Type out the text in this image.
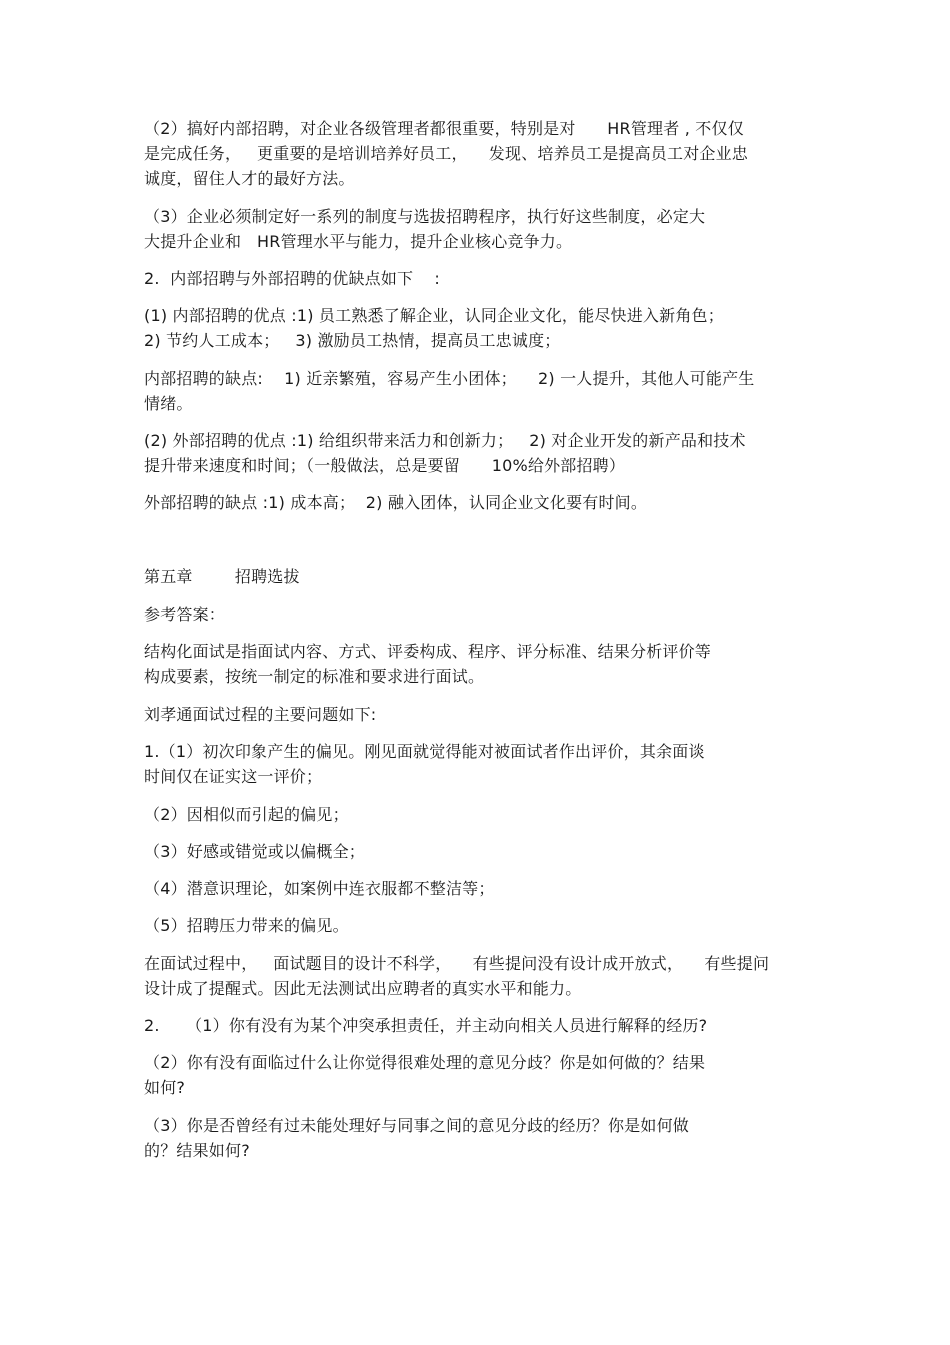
（2）搞好内部招聘，对企业各级管理者都很重要，特别是对      HR管理者 , 不仅仅
是完成任务，   更重要的是培训培养好员工，    发现、培养员工是提高员工对企业忠
诚度，留住人才的最好方法。
（3）企业必须制定好一系列的制度与选拔招聘程序，执行好这些制度，必定大
大提升企业和   HR管理水平与能力，提升企业核心竞争力。
2.  内部招聘与外部招聘的优缺点如下    :
(1) 内部招聘的优点 :1) 员工熟悉了解企业，认同企业文化，能尽快进入新角色；
2) 节约人工成本；   3) 激励员工热情，提高员工忠诚度；
内部招聘的缺点:    1) 近亲繁殖，容易产生小团体；    2) 一人提升，其他人可能产生
情绪。
(2) 外部招聘的优点 :1) 给组织带来活力和创新力；   2) 对企业开发的新产品和技术
提升带来速度和时间；（一般做法，总是要留      10%给外部招聘）
外部招聘的缺点 :1) 成本高；  2) 融入团体，认同企业文化要有时间。
第五章        招聘选拔
参考答案：
结构化面试是指面试内容、方式、评委构成、程序、评分标准、结果分析评价等
构成要素，按统一制定的标准和要求进行面试。
刘孝通面试过程的主要问题如下:
1.（1）初次印象产生的偏见。刚见面就觉得能对被面试者作出评价，其余面谈
时间仅在证实这一评价；
（2）因相似而引起的偏见；
（3）好感或错觉或以偏概全；
（4）潜意识理论，如案例中连衣服都不整洁等；
（5）招聘压力带来的偏见。
在面试过程中，   面试题目的设计不科学，    有些提问没有设计成开放式，    有些提问
设计成了提醒式。因此无法测试出应聘者的真实水平和能力。
2.     （1）你有没有为某个冲突承担责任，并主动向相关人员进行解释的经历?
（2）你有没有面临过什么让你觉得很难处理的意见分歧？你是如何做的？结果
如何?
（3）你是否曾经有过未能处理好与同事之间的意见分歧的经历？你是如何做
的？结果如何?
